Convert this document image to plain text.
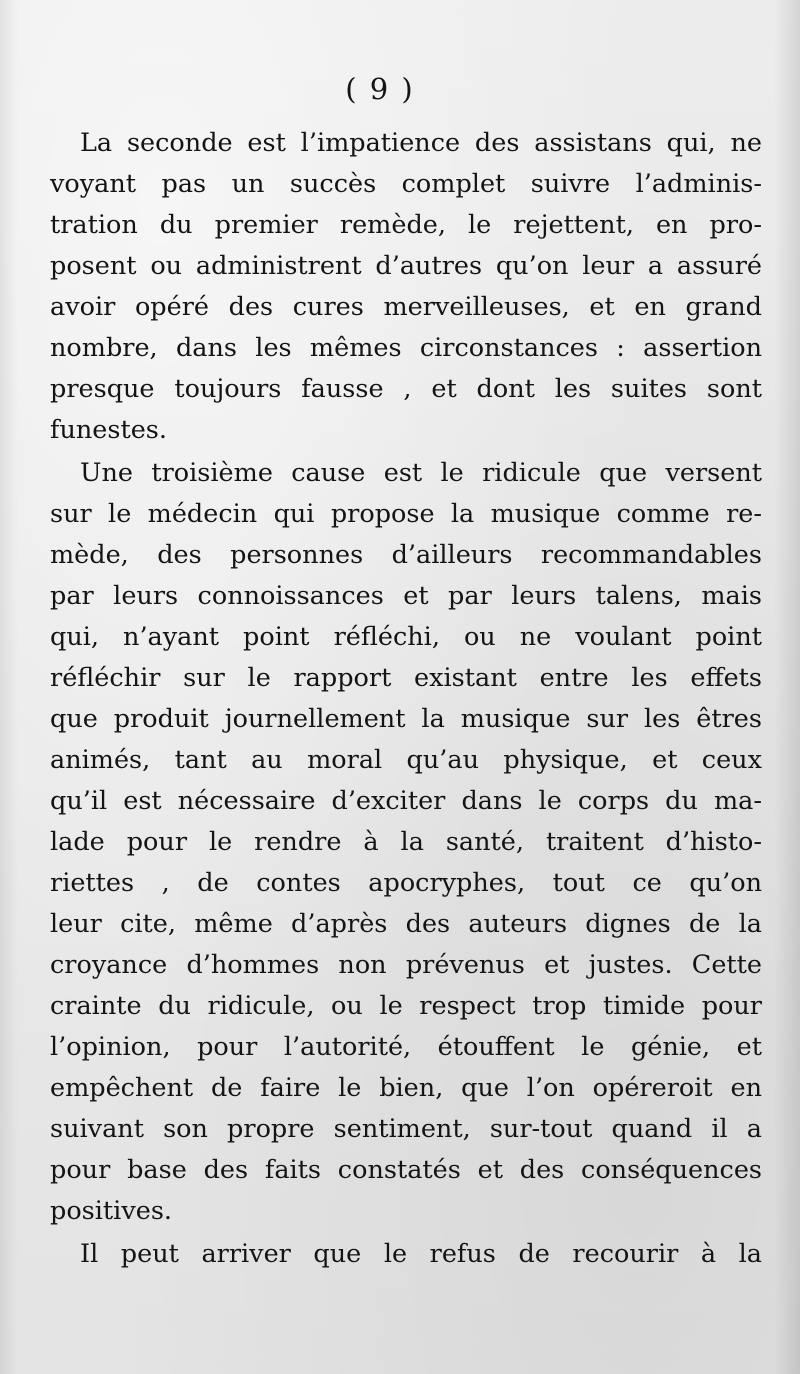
( 9 )
La seconde est l’impatience des assistans qui, ne
voyant pas un succès complet suivre l’adminis-
tration du premier remède, le rejettent, en pro-
posent ou administrent d’autres qu’on leur a assuré
avoir opéré des cures merveilleuses, et en grand
nombre, dans les mêmes circonstances : assertion
presque toujours fausse , et dont les suites sont
funestes.
Une troisième cause est le ridicule que versent
sur le médecin qui propose la musique comme re-
mède, des personnes d’ailleurs recommandables
par leurs connoissances et par leurs talens, mais
qui, n’ayant point réfléchi, ou ne voulant point
réfléchir sur le rapport existant entre les effets
que produit journellement la musique sur les êtres
animés, tant au moral qu’au physique, et ceux
qu’il est nécessaire d’exciter dans le corps du ma-
lade pour le rendre à la santé, traitent d’histo-
riettes , de contes apocryphes, tout ce qu’on
leur cite, même d’après des auteurs dignes de la
croyance d’hommes non prévenus et justes. Cette
crainte du ridicule, ou le respect trop timide pour
l’opinion, pour l’autorité, étouffent le génie, et
empêchent de faire le bien, que l’on opéreroit en
suivant son propre sentiment, sur-tout quand il a
pour base des faits constatés et des conséquences
positives.
Il peut arriver que le refus de recourir à la
